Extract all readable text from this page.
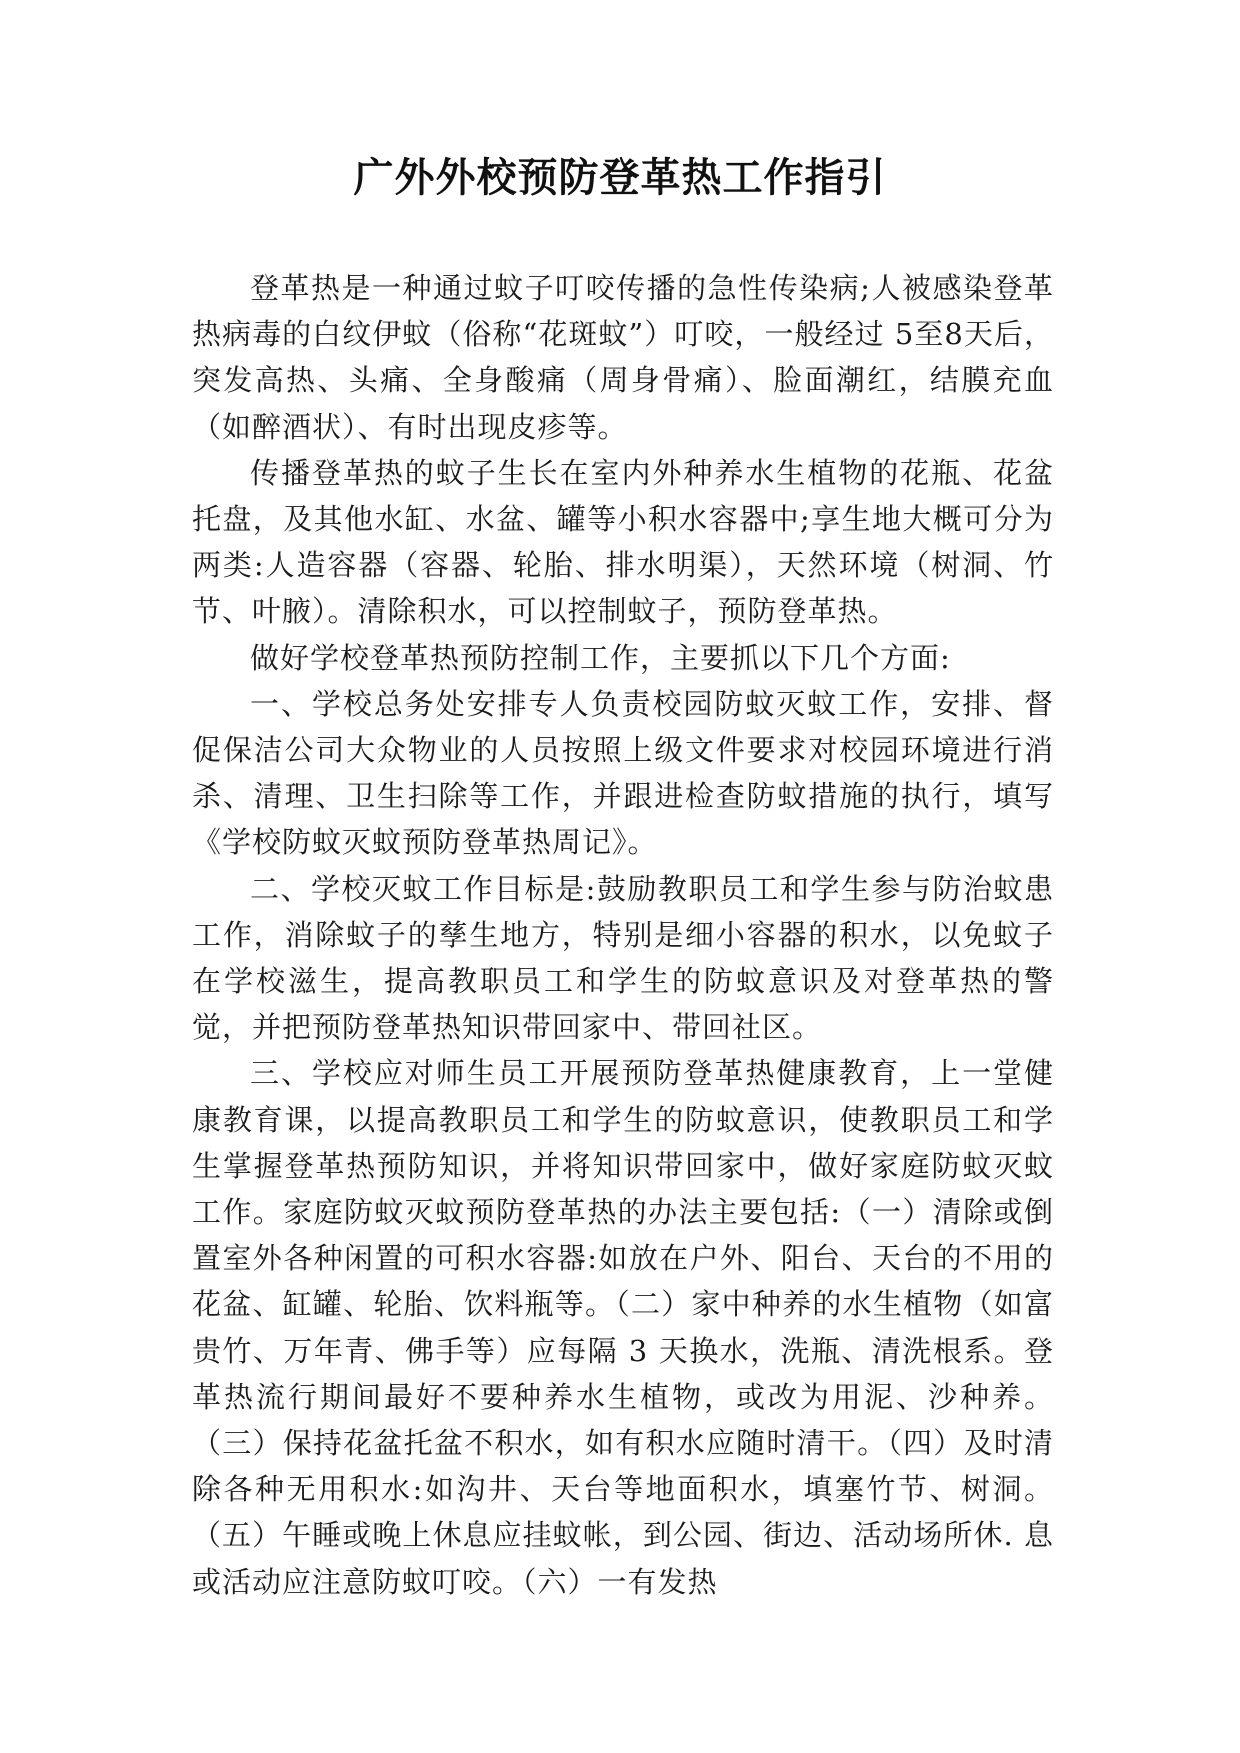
广外外校预防登革热工作指引

登革热是一种通过蚊子叮咬传播的急性传染病;人被感染登革热病毒的白纹伊蚊（俗称“花斑蚊”）叮咬，一般经过 5至8天后，突发高热、头痛、全身酸痛（周身骨痛）、脸面潮红，结膜充血（如醉酒状）、有时出现皮疹等。

传播登革热的蚊子生长在室内外种养水生植物的花瓶、花盆托盘，及其他水缸、水盆、罐等小积水容器中;享生地大概可分为两类:人造容器（容器、轮胎、排水明渠），天然环境（树洞、竹节、叶腋）。清除积水，可以控制蚊子，预防登革热。

做好学校登革热预防控制工作，主要抓以下几个方面:

一、学校总务处安排专人负责校园防蚊灭蚊工作，安排、督促保洁公司大众物业的人员按照上级文件要求对校园环境进行消杀、清理、卫生扫除等工作，并跟进检查防蚊措施的执行，填写《学校防蚊灭蚊预防登革热周记》。

二、学校灭蚊工作目标是:鼓励教职员工和学生参与防治蚊患工作，消除蚊子的孳生地方，特别是细小容器的积水，以免蚊子在学校滋生，提高教职员工和学生的防蚊意识及对登革热的警觉，并把预防登革热知识带回家中、带回社区。

三、学校应对师生员工开展预防登革热健康教育，上一堂健康教育课，以提高教职员工和学生的防蚊意识，使教职员工和学生掌握登革热预防知识，并将知识带回家中，做好家庭防蚊灭蚊工作。家庭防蚊灭蚊预防登革热的办法主要包括:（一）清除或倒置室外各种闲置的可积水容器:如放在户外、阳台、天台的不用的花盆、缸罐、轮胎、饮料瓶等。（二）家中种养的水生植物（如富贵竹、万年青、佛手等）应每隔 3 天换水，洗瓶、清洗根系。登革热流行期间最好不要种养水生植物，或改为用泥、沙种养。（三）保持花盆托盆不积水，如有积水应随时清干。（四）及时清除各种无用积水:如沟井、天台等地面积水，填塞竹节、树洞。（五）午睡或晚上休息应挂蚊帐，到公园、街边、活动场所休. 息或活动应注意防蚊叮咬。（六）一有发热
